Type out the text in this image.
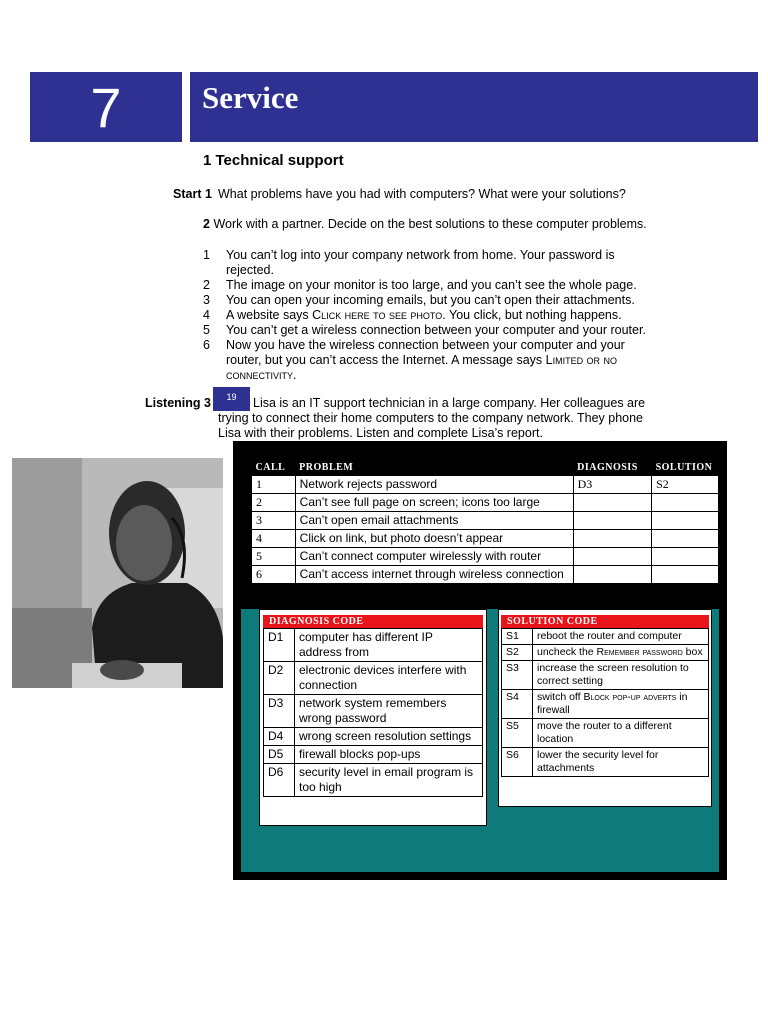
7	Service
1 Technical support
Start 1 What problems have you had with computers? What were your solutions?
2 Work with a partner. Decide on the best solutions to these computer problems.
1	You can’t log into your company network from home. Your password is rejected.
2	The image on your monitor is too large, and you can’t see the whole page.
3	You can open your incoming emails, but you can’t open their attachments.
4	A website says Click here to see photo. You click, but nothing happens.
5	You can’t get a wireless connection between your computer and your router.
6	Now you have the wireless connection between your computer and your router, but you can’t access the Internet. A message says Limited or no connectivity.
Listening 3	19	Lisa is an IT support technician in a large company. Her colleagues are trying to connect their home computers to the company network. They phone Lisa with their problems. Listen and complete Lisa’s report.
CALL	PROBLEM	DIAGNOSIS	SOLUTION
1	Network rejects password	D3	S2
2	Can’t see full page on screen; icons too large		
3	Can’t open email attachments		
4	Click on link, but photo doesn’t appear		
5	Can’t connect computer wirelessly with router		
6	Can’t access internet through wireless connection		

DIAGNOSIS CODE
D1	computer has different IP address from
D2	electronic devices interfere with connection
D3	network system remembers wrong password
D4	wrong screen resolution settings
D5	firewall blocks pop-ups
D6	security level in email program is too high
SOLUTION CODE
S1	reboot the router and computer
S2	uncheck the Remember password box
S3	increase the screen resolution to correct setting
S4	switch off Block pop-up adverts in firewall
S5	move the router to a different location
S6	lower the security level for attachments
